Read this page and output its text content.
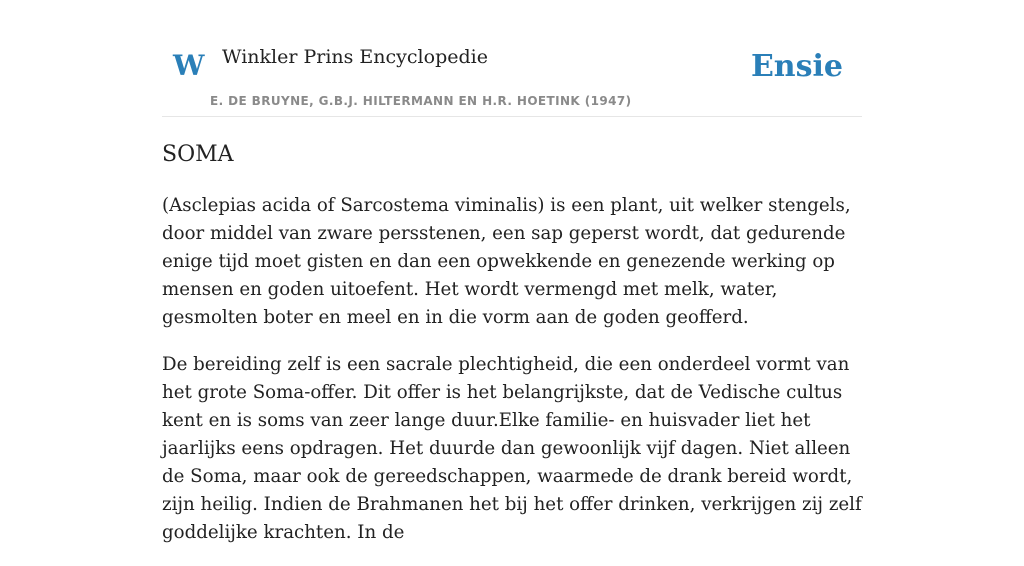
W Winkler Prins Encyclopedie
E. DE BRUYNE, G.B.J. HILTERMANN EN H.R. HOETINK (1947)
Ensie
SOMA

(Asclepias acida of Sarcostema viminalis) is een plant, uit welker stengels, door middel van zware persstenen, een sap geperst wordt, dat gedurende enige tijd moet gisten en dan een opwekkende en genezende werking op mensen en goden uitoefent. Het wordt vermengd met melk, water, gesmolten boter en meel en in die vorm aan de goden geofferd.

De bereiding zelf is een sacrale plechtigheid, die een onderdeel vormt van het grote Soma-offer. Dit offer is het belangrijkste, dat de Vedische cultus kent en is soms van zeer lange duur.Elke familie- en huisvader liet het jaarlijks eens opdragen. Het duurde dan gewoonlijk vijf dagen. Niet alleen de Soma, maar ook de gereedschappen, waarmede de drank bereid wordt, zijn heilig. Indien de Brahmanen het bij het offer drinken, verkrijgen zij zelf goddelijke krachten. In de
